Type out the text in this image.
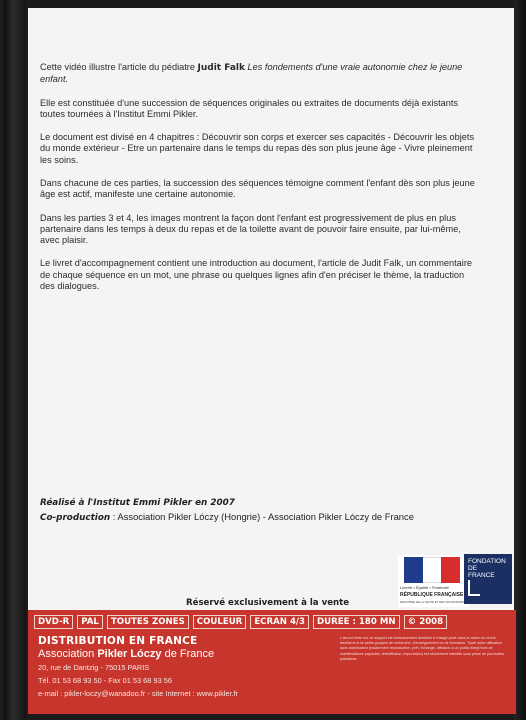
Cette vidéo illustre l'article du pédiatre Judit Falk Les fondements d'une vraie autonomie chez le jeune enfant.

Elle est constituée d'une succession de séquences originales ou extraites de documents déjà existants toutes tournées à l'Institut Emmi Pikler.

Le document est divisé en 4 chapitres : Découvrir son corps et exercer ses capacités - Découvrir les objets du monde extérieur - Etre un partenaire dans le temps du repas dès son plus jeune âge - Vivre pleinement les soins.

Dans chacune de ces parties, la succession des séquences témoigne comment l'enfant dès son plus jeune âge est actif, manifeste une certaine autonomie.

Dans les parties 3 et 4, les images montrent la façon dont l'enfant est progressivement de plus en plus partenaire dans les temps à deux du repas et de la toilette avant de pouvoir faire ensuite, par lui-même, avec plaisir.

Le livret d'accompagnement contient une introduction au document, l'article de Judit Falk, un commentaire de chaque séquence en un mot, une phrase ou quelques lignes afin d'en préciser le thème, la traduction des dialogues.

Réalisé à l'Institut Emmi Pikler en 2007
Co-production : Association Pikler Lóczy (Hongrie) - Association Pikler Lóczy de France
Liberté • Égalité • Fraternité
RÉPUBLIQUE FRANÇAISE
MINISTÈRE DE LA SANTÉ ET DES SOLIDARITÉS
FONDATION
DE
FRANCE
Réservé exclusivement à la vente
DVD-R	PAL	TOUTES ZONES	COULEUR	ECRAN 4/3	DUREE : 180 MN	© 2008
DISTRIBUTION EN FRANCE
Association Pikler Lóczy de France
20, rue de Dantzig - 75015 PARIS
Tél. 01 53 68 93 50 - Fax 01 53 68 93 56
e-mail : pikler-loczy@wanadoo.fr - site Internet : www.pikler.fr
L'œuvre fixée sur ce support est exclusivement destinée à l'usage privé dans le cadre du cercle familial et à de petits groupes de recherche, d'enseignement ou de formation. Toute autre utilisation sans autorisation (notamment reproduction, prêt, échange, diffusion à un public élargi hors de manifestations payantes, télédiffusion, importation) est strictement interdite sous peine de poursuites judiciaires.
